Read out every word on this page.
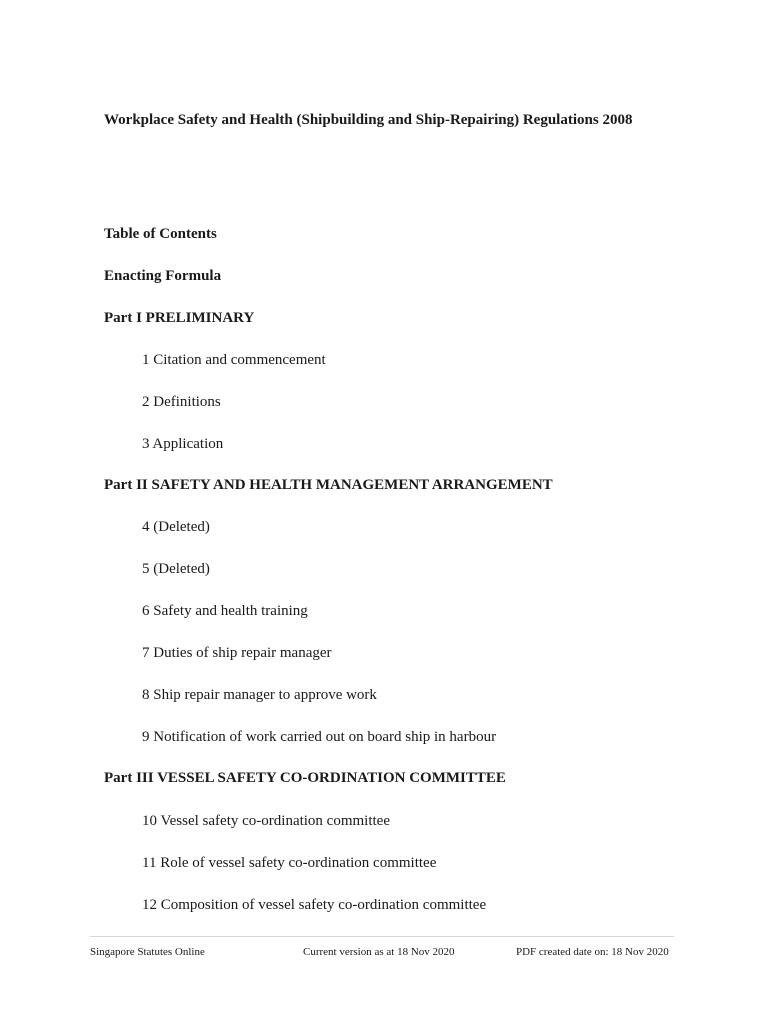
Workplace Safety and Health (Shipbuilding and Ship-Repairing) Regulations 2008

Table of Contents

Enacting Formula

Part I PRELIMINARY

1 Citation and commencement

2 Definitions

3 Application

Part II SAFETY AND HEALTH MANAGEMENT ARRANGEMENT

4 (Deleted)

5 (Deleted)

6 Safety and health training

7 Duties of ship repair manager

8 Ship repair manager to approve work

9 Notification of work carried out on board ship in harbour

Part III VESSEL SAFETY CO-ORDINATION COMMITTEE

10 Vessel safety co-ordination committee

11 Role of vessel safety co-ordination committee

12 Composition of vessel safety co-ordination committee

Singapore Statutes Online	Current version as at 18 Nov 2020	PDF created date on: 18 Nov 2020
